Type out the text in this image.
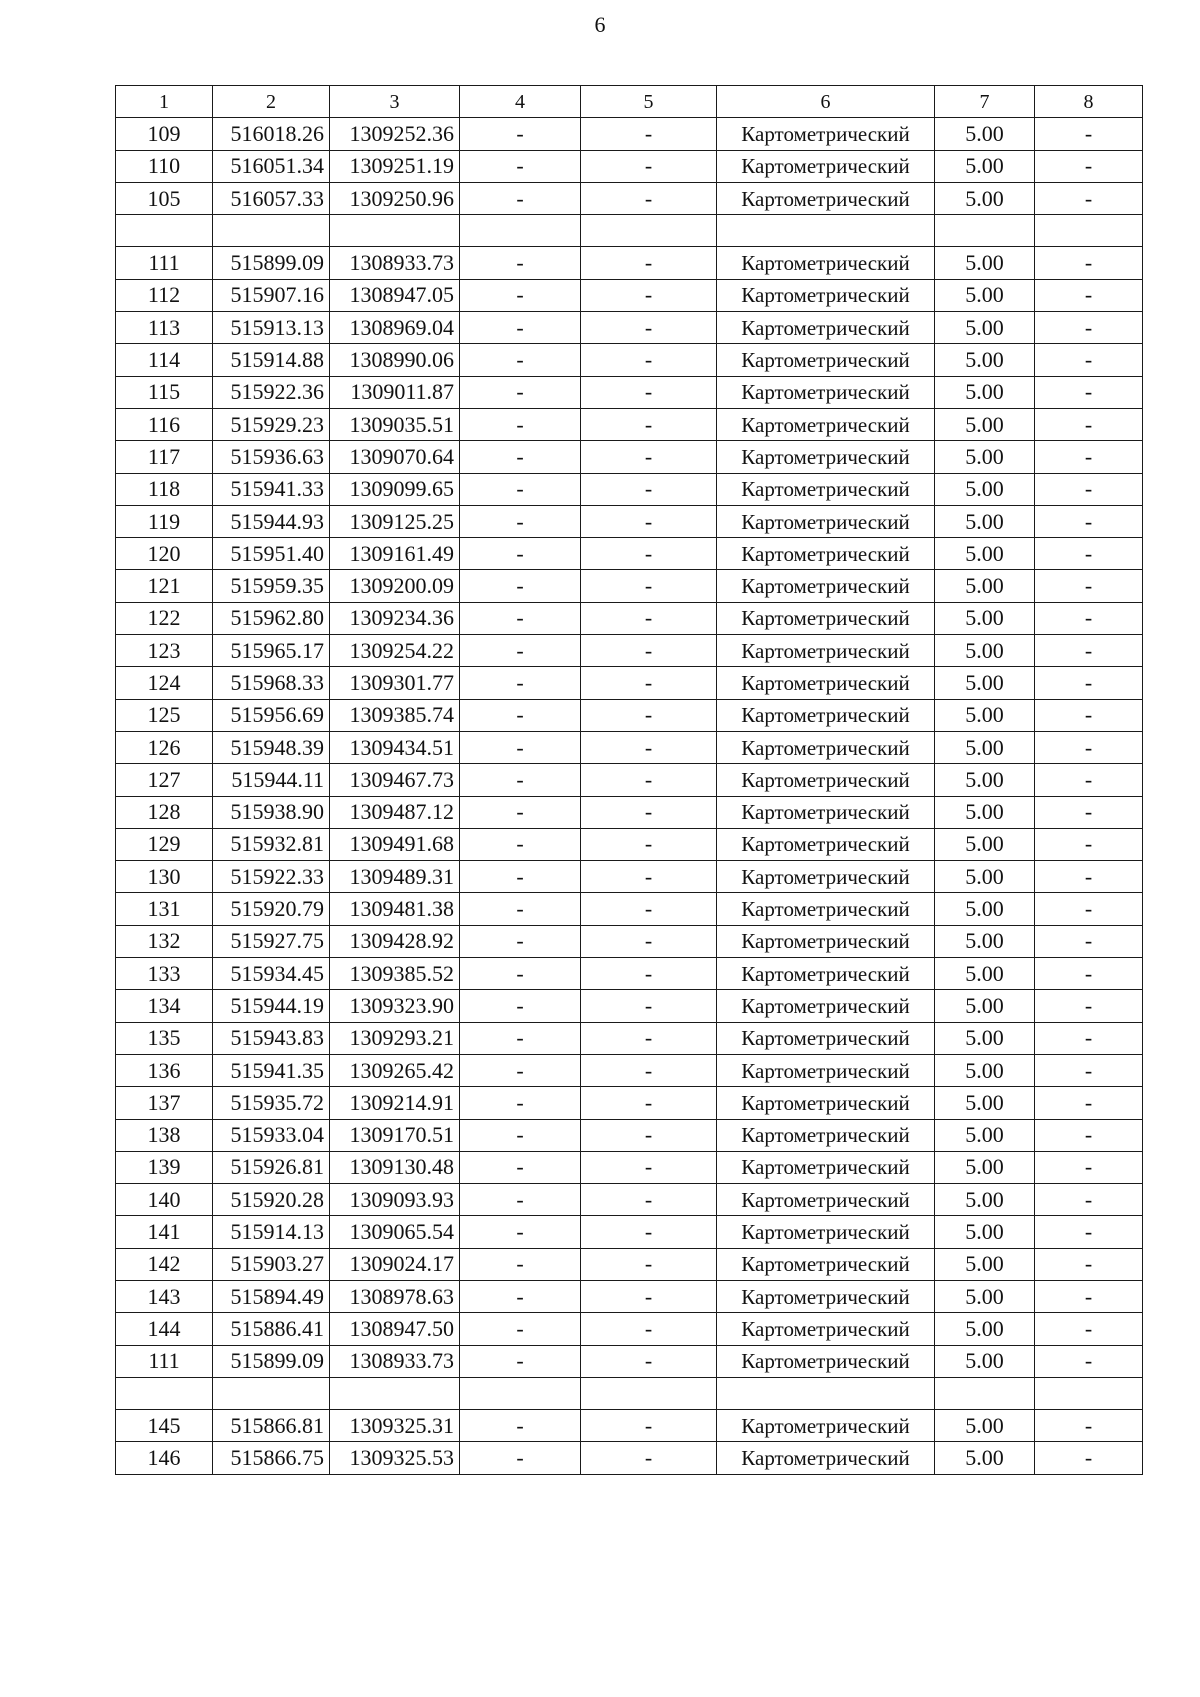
6
1	2	3	4	5	6	7	8
109	516018.26	1309252.36	-	-	Картометрический	5.00	-
110	516051.34	1309251.19	-	-	Картометрический	5.00	-
105	516057.33	1309250.96	-	-	Картометрический	5.00	-

111	515899.09	1308933.73	-	-	Картометрический	5.00	-
112	515907.16	1308947.05	-	-	Картометрический	5.00	-
113	515913.13	1308969.04	-	-	Картометрический	5.00	-
114	515914.88	1308990.06	-	-	Картометрический	5.00	-
115	515922.36	1309011.87	-	-	Картометрический	5.00	-
116	515929.23	1309035.51	-	-	Картометрический	5.00	-
117	515936.63	1309070.64	-	-	Картометрический	5.00	-
118	515941.33	1309099.65	-	-	Картометрический	5.00	-
119	515944.93	1309125.25	-	-	Картометрический	5.00	-
120	515951.40	1309161.49	-	-	Картометрический	5.00	-
121	515959.35	1309200.09	-	-	Картометрический	5.00	-
122	515962.80	1309234.36	-	-	Картометрический	5.00	-
123	515965.17	1309254.22	-	-	Картометрический	5.00	-
124	515968.33	1309301.77	-	-	Картометрический	5.00	-
125	515956.69	1309385.74	-	-	Картометрический	5.00	-
126	515948.39	1309434.51	-	-	Картометрический	5.00	-
127	515944.11	1309467.73	-	-	Картометрический	5.00	-
128	515938.90	1309487.12	-	-	Картометрический	5.00	-
129	515932.81	1309491.68	-	-	Картометрический	5.00	-
130	515922.33	1309489.31	-	-	Картометрический	5.00	-
131	515920.79	1309481.38	-	-	Картометрический	5.00	-
132	515927.75	1309428.92	-	-	Картометрический	5.00	-
133	515934.45	1309385.52	-	-	Картометрический	5.00	-
134	515944.19	1309323.90	-	-	Картометрический	5.00	-
135	515943.83	1309293.21	-	-	Картометрический	5.00	-
136	515941.35	1309265.42	-	-	Картометрический	5.00	-
137	515935.72	1309214.91	-	-	Картометрический	5.00	-
138	515933.04	1309170.51	-	-	Картометрический	5.00	-
139	515926.81	1309130.48	-	-	Картометрический	5.00	-
140	515920.28	1309093.93	-	-	Картометрический	5.00	-
141	515914.13	1309065.54	-	-	Картометрический	5.00	-
142	515903.27	1309024.17	-	-	Картометрический	5.00	-
143	515894.49	1308978.63	-	-	Картометрический	5.00	-
144	515886.41	1308947.50	-	-	Картометрический	5.00	-
111	515899.09	1308933.73	-	-	Картометрический	5.00	-

145	515866.81	1309325.31	-	-	Картометрический	5.00	-
146	515866.75	1309325.53	-	-	Картометрический	5.00	-
